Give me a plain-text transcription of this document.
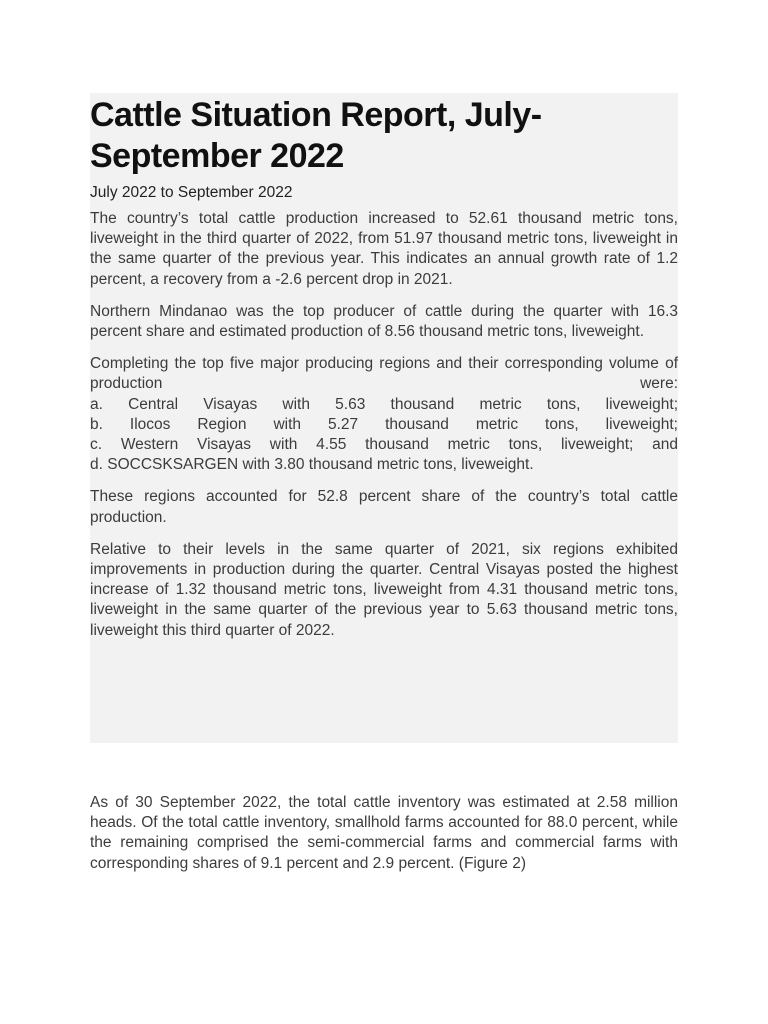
Cattle Situation Report, July-September 2022
July 2022 to September 2022

The country’s total cattle production increased to 52.61 thousand metric tons, liveweight in the third quarter of 2022, from 51.97 thousand metric tons, liveweight in the same quarter of the previous year. This indicates an annual growth rate of 1.2 percent, a recovery from a -2.6 percent drop in 2021.

Northern Mindanao was the top producer of cattle during the quarter with 16.3 percent share and estimated production of 8.56 thousand metric tons, liveweight.

Completing the top five major producing regions and their corresponding volume of production were:
a. Central Visayas with 5.63 thousand metric tons, liveweight;
b. Ilocos Region with 5.27 thousand metric tons, liveweight;
c. Western Visayas with 4.55 thousand metric tons, liveweight; and
d. SOCCSKSARGEN with 3.80 thousand metric tons, liveweight.

These regions accounted for 52.8 percent share of the country’s total cattle production.

Relative to their levels in the same quarter of 2021, six regions exhibited improvements in production during the quarter. Central Visayas posted the highest increase of 1.32 thousand metric tons, liveweight from 4.31 thousand metric tons, liveweight in the same quarter of the previous year to 5.63 thousand metric tons, liveweight this third quarter of 2022.

As of 30 September 2022, the total cattle inventory was estimated at 2.58 million heads. Of the total cattle inventory, smallhold farms accounted for 88.0 percent, while the remaining comprised the semi-commercial farms and commercial farms with corresponding shares of 9.1 percent and 2.9 percent. (Figure 2)
